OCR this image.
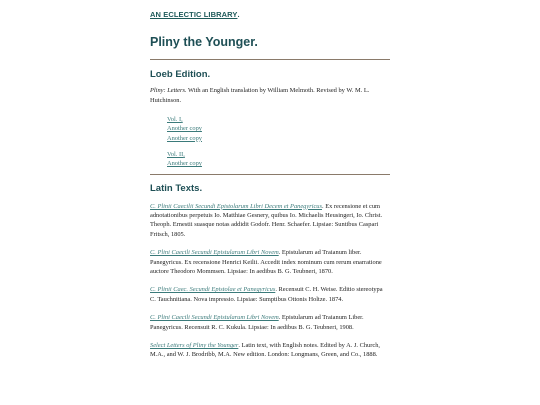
AN ECLECTIC LIBRARY.
Pliny the Younger.
Loeb Edition.

Pliny: Letters. With an English translation by William Melmoth. Revised by W. M. L. Hutchinson.

Vol. I,
Another copy
Another copy
Vol. II,
Another copy
Latin Texts.

C. Plinii Caecilii Secundi Epistolarum Libri Decem et Panegyricus. Ex recensione et cum adnotationibus perpetuis Io. Matthiae Gesnery, quibus Io. Michaelis Heusingeri, Io. Christ. Theoph. Ernestii suasque notas addidit Godofr. Henr. Schaefer. Lipsiae: Suntibus Caspari Fritsch, 1805.

C. Plini Caecili Secundi Epistularum Libri Novem. Epistularum ad Traianum liber. Panegyricus. Ex recensione Henrici Keilii. Accedit index nominum cum rerum enarratione auctore Theodoro Mommsen. Lipsiae: In aedibus B. G. Teubneri, 1870.

C. Plinii Caec. Secundi Epistolae et Panegyricus. Recensuit C. H. Weise. Editio stereotypa C. Tauchnitiana. Nova impressio. Lipsiae: Sumptibus Ottonis Holtze. 1874.

C. Plini Caecili Secundi Epistularum Libri Novem. Epistularum ad Traianum Liber. Panegyricus. Recensuit R. C. Kukula. Lipsiae: In aedibus B. G. Teubneri, 1908.

Select Letters of Pliny the Younger. Latin text, with English notes. Edited by A. J. Church, M.A., and W. J. Brodribb, M.A. New edition. London: Longmans, Green, and Co., 1888.
